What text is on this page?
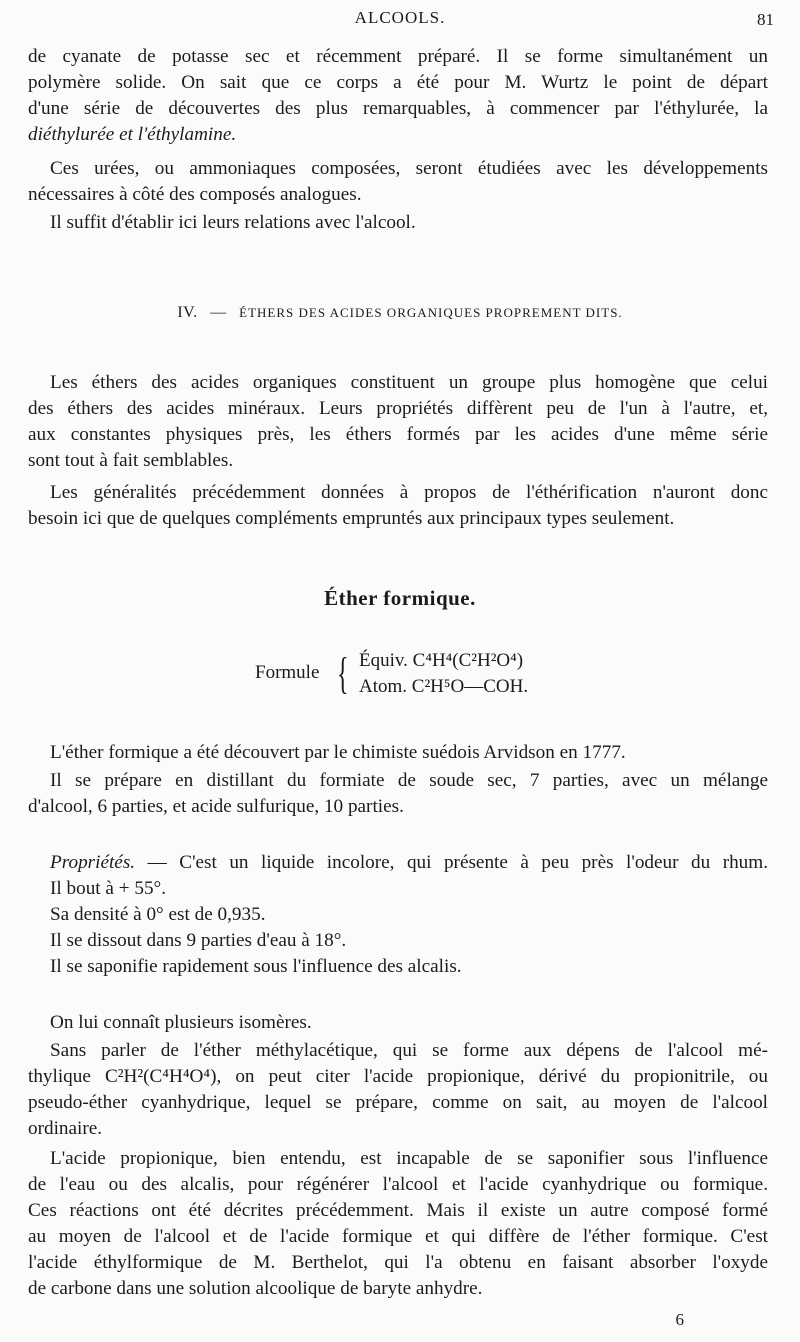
ALCOOLS.	81
de cyanate de potasse sec et récemment préparé. Il se forme simultanément un
polymère solide. On sait que ce corps a été pour M. Wurtz le point de départ
d'une série de découvertes des plus remarquables, à commencer par l'éthylurée, la
diéthylurée et l'éthylamine.
Ces urées, ou ammoniaques composées, seront étudiées avec les développements
nécessaires à côté des composés analogues.
Il suffit d'établir ici leurs relations avec l'alcool.
IV. — ÉTHERS DES ACIDES ORGANIQUES PROPREMENT DITS.
Les éthers des acides organiques constituent un groupe plus homogène que celui
des éthers des acides minéraux. Leurs propriétés diffèrent peu de l'un à l'autre, et,
aux constantes physiques près, les éthers formés par les acides d'une même série
sont tout à fait semblables.
Les généralités précédemment données à propos de l'éthérification n'auront donc
besoin ici que de quelques compléments empruntés aux principaux types seulement.
Éther formique.
Formule { Équiv. C⁴H⁴(C²H²O⁴)
Atom. C²H⁵O—COH.
L'éther formique a été découvert par le chimiste suédois Arvidson en 1777.
Il se prépare en distillant du formiate de soude sec, 7 parties, avec un mélange
d'alcool, 6 parties, et acide sulfurique, 10 parties.
Propriétés. — C'est un liquide incolore, qui présente à peu près l'odeur du rhum.
Il bout à + 55°.
Sa densité à 0° est de 0,935.
Il se dissout dans 9 parties d'eau à 18°.
Il se saponifie rapidement sous l'influence des alcalis.
On lui connaît plusieurs isomères.
Sans parler de l'éther méthylacétique, qui se forme aux dépens de l'alcool mé-
thylique C²H²(C⁴H⁴O⁴), on peut citer l'acide propionique, dérivé du propionitrile, ou
pseudo-éther cyanhydrique, lequel se prépare, comme on sait, au moyen de l'alcool
ordinaire.
L'acide propionique, bien entendu, est incapable de se saponifier sous l'influence
de l'eau ou des alcalis, pour régénérer l'alcool et l'acide cyanhydrique ou formique.
Ces réactions ont été décrites précédemment. Mais il existe un autre composé formé
au moyen de l'alcool et de l'acide formique et qui diffère de l'éther formique. C'est
l'acide éthylformique de M. Berthelot, qui l'a obtenu en faisant absorber l'oxyde
de carbone dans une solution alcoolique de baryte anhydre.
6
